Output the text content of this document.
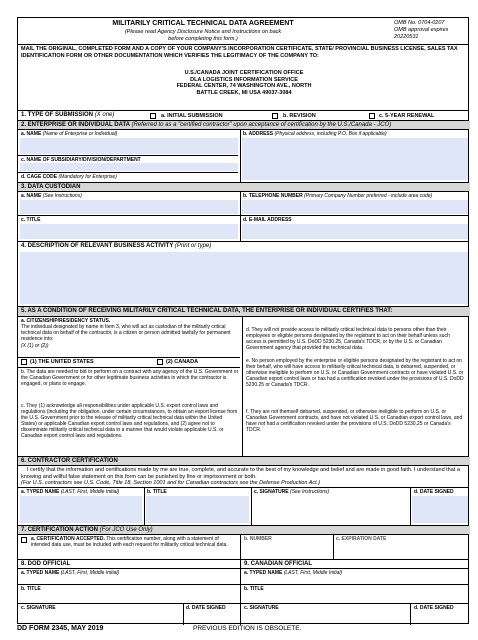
MILITARILY CRITICAL TECHNICAL DATA AGREEMENT
(Please read Agency Disclosure Notice and Instructions on back
before completing this form.)
OMB No. 0704-0207
OMB approval expires
20220531
MAIL THE ORIGINAL, COMPLETED FORM AND A COPY OF YOUR COMPANY'S INCORPORATION CERTIFICATE, STATE/ PROVINCIAL BUSINESS LICENSE, SALES TAX IDENTIFICATION FORM OR OTHER DOCUMENTATION WHICH VERIFIES THE LEGITIMACY OF THE COMPANY TO:
U.S./CANADA JOINT CERTIFICATION OFFICE
DLA LOGISTICS INFORMATION SERVICE
FEDERAL CENTER, 74 WASHINGTON AVE., NORTH
BATTLE CREEK, MI USA 49037-3084
1. TYPE OF SUBMISSION (X one)	a. INITIAL SUBMISSION	b. REVISION	c. 5-YEAR RENEWAL
2. ENTERPRISE OR INDIVIDUAL DATA (Referred to as a "certified contractor" upon acceptance of certification by the U.S./Canada - JCO)
a. NAME (Name of Enterprise or Individual)	b. ADDRESS (Physical address, including P.O. Box if applicable)
c. NAME OF SUBSIDIARY/DIVISION/DEPARTMENT
d. CAGE CODE (Mandatory for Enterprise)
3. DATA CUSTODIAN
a. NAME (See Instructions)	b. TELEPHONE NUMBER (Primary Company Number preferred - include area code)
c. TITLE	d. E-MAIL ADDRESS
4. DESCRIPTION OF RELEVANT BUSINESS ACTIVITY (Print or type)
5. AS A CONDITION OF RECEIVING MILITARILY CRITICAL TECHNICAL DATA, THE ENTERPRISE OR INDIVIDUAL CERTIFIES THAT:
a. CITIZENSHIP/RESIDENCY STATUS.
The individual designated by name in Item 3, who will act as custodian of the militarily critical technical data on behalf of the contractor, is a citizen or person admitted lawfully for permanent residence into:
(X (1) or (2))
(1) THE UNITED STATES	(2) CANADA
b. The data are needed to bid or perform on a contract with any agency of the U.S. Government or the Canadian Government or for other legitimate business activities in which the contractor is engaged, or plans to engage.
c. They (1) acknowledge all responsibilities under applicable U.S. export control laws and regulations (including the obligation, under certain circumstances, to obtain an export license from the U.S. Government prior to the release of militarily critical technical data within the United States) or applicable Canadian export control laws and regulations, and (2) agree not to disseminate militarily critical technical data in a manner that would violate applicable U.S. or Canadian export control laws and regulations.
d. They will not provide access to militarily critical technical data to persons other than their employees or eligible persons designated by the registrant to act on their behalf unless such access is permitted by U.S. DoDD 5230.25, Canada's TDCR, or by the U.S. or Canadian Government agency that provided the technical data.
e. No person employed by the enterprise or eligible persons designated by the registrant to act on their behalf, who will have access to militarily critical technical data, is debarred, suspended, or otherwise ineligible to perform on U.S. or Canadian Government contracts or have violated U.S. or Canadian export control laws or has had a certification revoked under the provisions of U.S. DoDD 5230.25 or Canada's TDCR.
f. They are not themself debarred, suspended, or otherwise ineligible to perform on U.S. or Canadian Government contracts, and have not violated U.S. or Canadian export control laws, and have not had a certification revoked under the provisions of U.S. DoDD 5230.25 or Canada's TDCR.
6. CONTRACTOR CERTIFICATION
I certify that the information and certifications made by me are true, complete, and accurate to the best of my knowledge and belief and are made in good faith. I understand that a knowing and willful false statement on this form can be punished by fine or imprisonment or both.
(For U.S. contractors see U.S. Code, Title 18, Section 1001 and for Canadian contractors see the Defense Production Act.)
a. TYPED NAME (LAST, First, Middle Initial)	b. TITLE	c. SIGNATURE (See Instructions)	d. DATE SIGNED
7. CERTIFICATION ACTION (For JCO Use Only)
a. CERTIFICATION ACCEPTED. This certification number, along with a statement of intended data use, must be included with each request for militarily critical technical data.
b. NUMBER	c. EXPIRATION DATE
8. DOD OFFICIAL	9. CANADIAN OFFICIAL
a. TYPED NAME (LAST, First, Middle Initial)	a. TYPED NAME (LAST, First, Middle Initial)
b. TITLE	b. TITLE
c. SIGNATURE	d. DATE SIGNED	c. SIGNATURE	d. DATE SIGNED
DD FORM 2345, MAY 2019	PREVIOUS EDITION IS OBSOLETE.
